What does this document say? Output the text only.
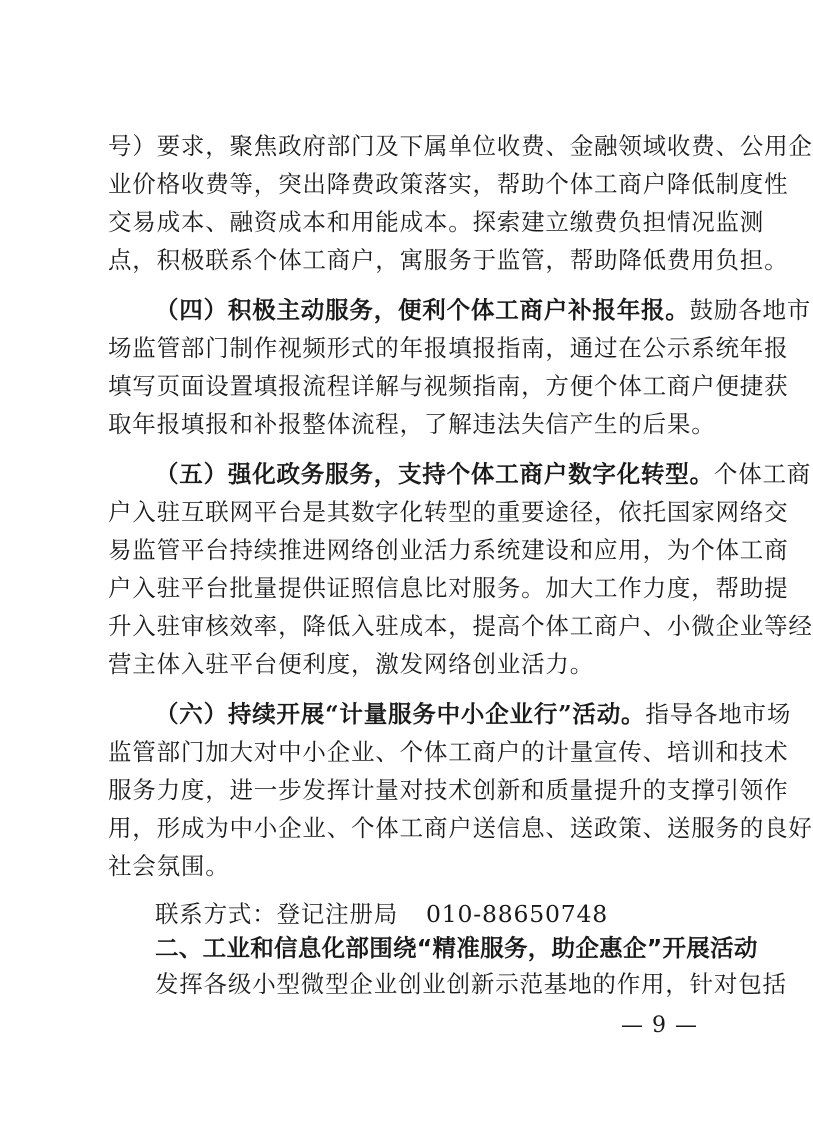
号）要求，聚焦政府部门及下属单位收费、金融领域收费、公用企
业价格收费等，突出降费政策落实，帮助个体工商户降低制度性
交易成本、融资成本和用能成本。探索建立缴费负担情况监测
点，积极联系个体工商户，寓服务于监管，帮助降低费用负担。
（四）积极主动服务，便利个体工商户补报年报。鼓励各地市
场监管部门制作视频形式的年报填报指南，通过在公示系统年报
填写页面设置填报流程详解与视频指南，方便个体工商户便捷获
取年报填报和补报整体流程，了解违法失信产生的后果。
（五）强化政务服务，支持个体工商户数字化转型。个体工商
户入驻互联网平台是其数字化转型的重要途径，依托国家网络交
易监管平台持续推进网络创业活力系统建设和应用，为个体工商
户入驻平台批量提供证照信息比对服务。加大工作力度，帮助提
升入驻审核效率，降低入驻成本，提高个体工商户、小微企业等经
营主体入驻平台便利度，激发网络创业活力。
（六）持续开展“计量服务中小企业行”活动。指导各地市场
监管部门加大对中小企业、个体工商户的计量宣传、培训和技术
服务力度，进一步发挥计量对技术创新和质量提升的支撑引领作
用，形成为中小企业、个体工商户送信息、送政策、送服务的良好
社会氛围。
联系方式：登记注册局 010-88650748
二、工业和信息化部围绕“精准服务，助企惠企”开展活动
发挥各级小型微型企业创业创新示范基地的作用，针对包括
— 9 —
